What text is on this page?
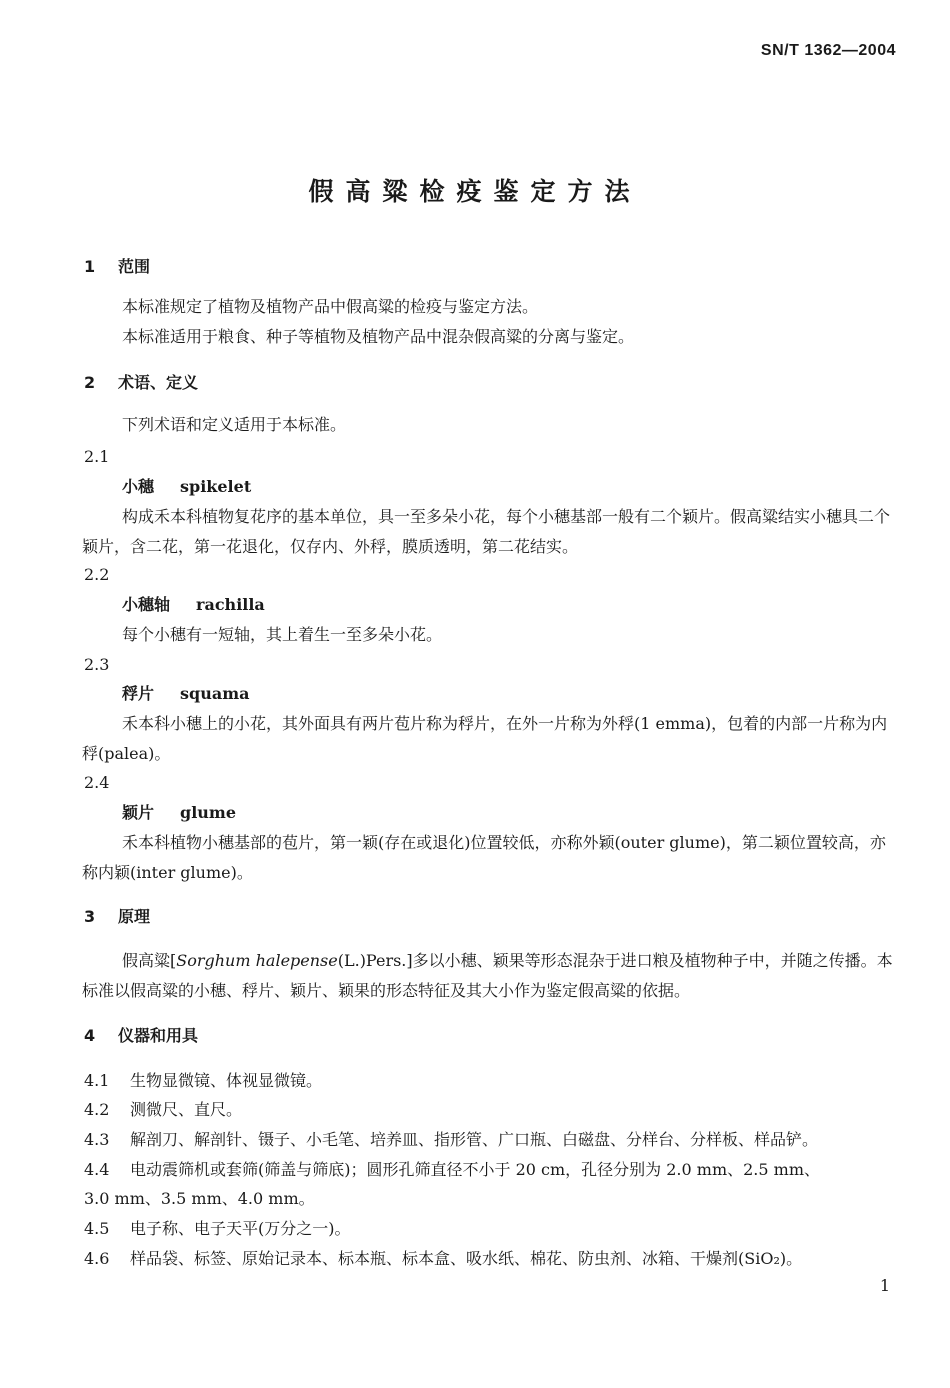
SN/T 1362—2004
假高粱检疫鉴定方法
1 范围
本标准规定了植物及植物产品中假高粱的检疫与鉴定方法。
本标准适用于粮食、种子等植物及植物产品中混杂假高粱的分离与鉴定。
2 术语、定义
下列术语和定义适用于本标准。
2.1
小穗 spikelet
构成禾本科植物复花序的基本单位，具一至多朵小花，每个小穗基部一般有二个颖片。假高粱结实小穗具二个颖片，含二花，第一花退化，仅存内、外稃，膜质透明，第二花结实。
2.2
小穗轴 rachilla
每个小穗有一短轴，其上着生一至多朵小花。
2.3
稃片 squama
禾本科小穗上的小花，其外面具有两片苞片称为稃片，在外一片称为外稃(1 emma)，包着的内部一片称为内稃(palea)。
2.4
颖片 glume
禾本科植物小穗基部的苞片，第一颖(存在或退化)位置较低，亦称外颖(outer glume)，第二颖位置较高，亦称内颖(inter glume)。
3 原理
假高粱[Sorghum halepense(L.)Pers.]多以小穗、颖果等形态混杂于进口粮及植物种子中，并随之传播。本标准以假高粱的小穗、稃片、颖片、颖果的形态特征及其大小作为鉴定假高粱的依据。
4 仪器和用具
4.1 生物显微镜、体视显微镜。
4.2 测微尺、直尺。
4.3 解剖刀、解剖针、镊子、小毛笔、培养皿、指形管、广口瓶、白磁盘、分样台、分样板、样品铲。
4.4 电动震筛机或套筛(筛盖与筛底)；圆形孔筛直径不小于 20 cm，孔径分别为 2.0 mm、2.5 mm、
3.0 mm、3.5 mm、4.0 mm。
4.5 电子称、电子天平(万分之一)。
4.6 样品袋、标签、原始记录本、标本瓶、标本盒、吸水纸、棉花、防虫剂、冰箱、干燥剂(SiO₂)。
1
